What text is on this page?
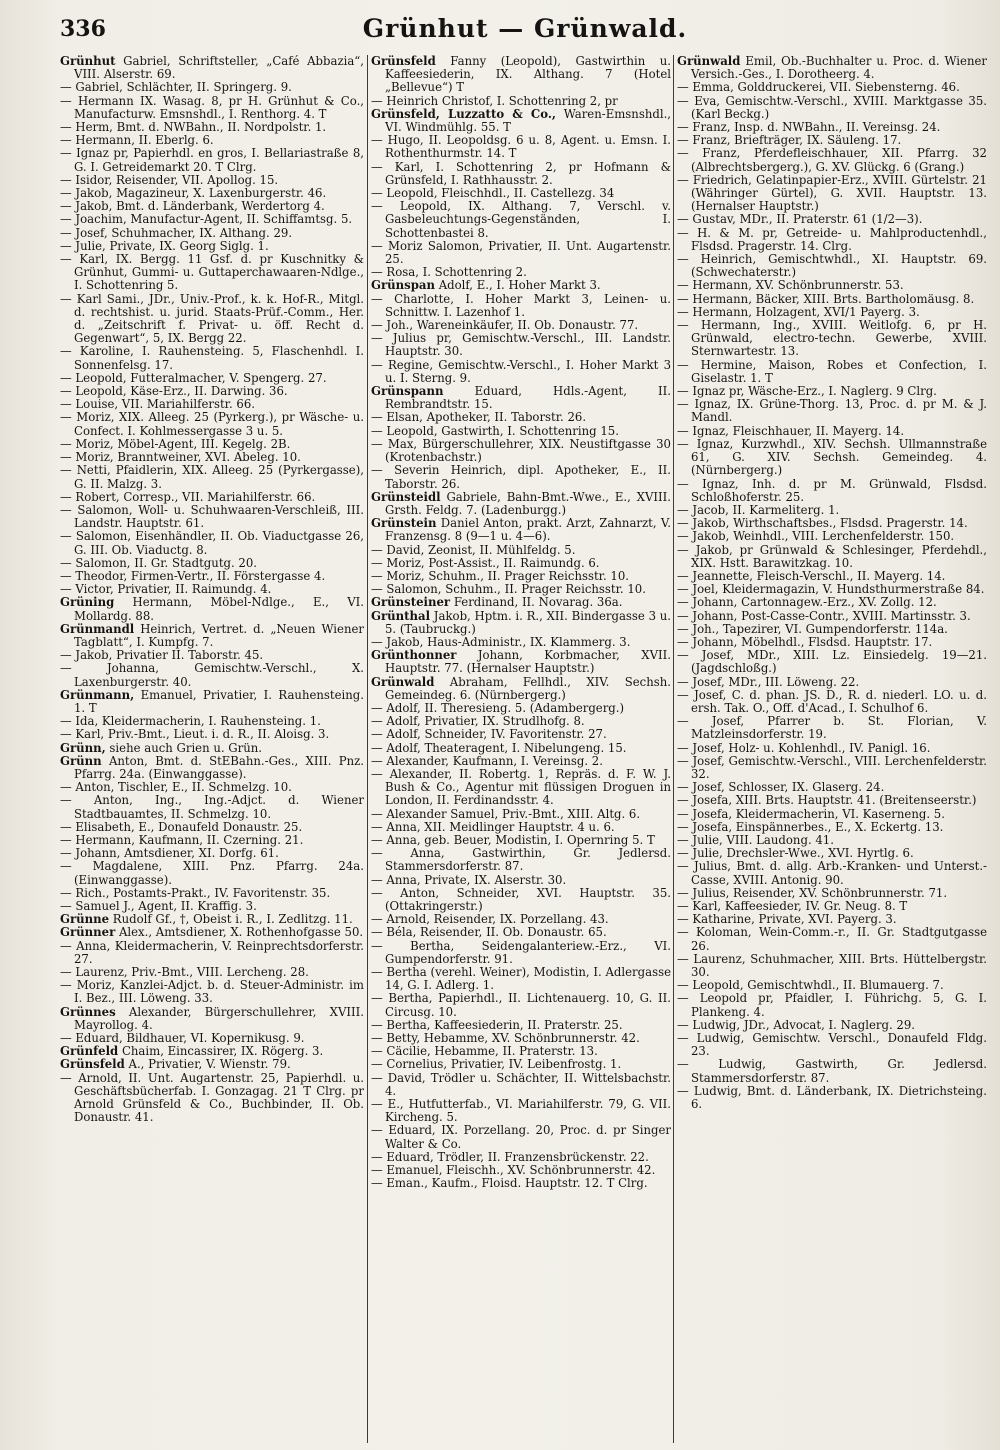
336	Grünhut — Grünwald.

Grünhut Gabriel, Schriftsteller, „Café Abbazia“, VIII. Alserstr. 69.

— Gabriel, Schlächter, II. Springerg. 9.

— Hermann IX. Wasag. 8, pr H. Grünhut & Co., Manufacturw. Emsnshdl., I. Renthorg. 4. T

— Herm, Bmt. d. NWBahn., II. Nordpolstr. 1.

— Hermann, II. Eberlg. 6.

— Ignaz pr, Papierhdl. en gros, I. Bellariastraße 8, G. I. Getreidemarkt 20. T Clrg.

— Isidor, Reisender, VII. Apollog. 15.

— Jakob, Magazineur, X. Laxenburgerstr. 46.

— Jakob, Bmt. d. Länderbank, Werdertorg 4.

— Joachim, Manufactur-Agent, II. Schiffamtsg. 5.

— Josef, Schuhmacher, IX. Althang. 29.

— Julie, Private, IX. Georg Siglg. 1.

— Karl, IX. Bergg. 11 Gsf. d. pr Kuschnitky & Grünhut, Gummi- u. Guttaperchawaaren-Ndlge., I. Schottenring 5.

— Karl Sami., JDr., Univ.-Prof., k. k. Hof-R., Mitgl. d. rechtshist. u. jurid. Staats-Prüf.-Comm., Her. d. „Zeitschrift f. Privat- u. öff. Recht d. Gegenwart“, 5, IX. Bergg 22.

— Karoline, I. Rauhensteing. 5, Flaschenhdl. I. Sonnenfelsg. 17.

— Leopold, Futteralmacher, V. Spengerg. 27.

— Leopold, Käse-Erz., II. Darwing. 36.

— Louise, VII. Mariahilferstr. 66.

— Moriz, XIX. Alleeg. 25 (Pyrkerg.), pr Wäsche- u. Confect. I. Kohlmessergasse 3 u. 5.

— Moriz, Möbel-Agent, III. Kegelg. 2B.

— Moriz, Branntweiner, XVI. Abeleg. 10.

— Netti, Pfaidlerin, XIX. Alleeg. 25 (Pyrkergasse), G. II. Malzg. 3.

— Robert, Corresp., VII. Mariahilferstr. 66.

— Salomon, Woll- u. Schuhwaaren-Verschleiß, III. Landstr. Hauptstr. 61.

— Salomon, Eisenhändler, II. Ob. Viaductgasse 26, G. III. Ob. Viaductg. 8.

— Salomon, II. Gr. Stadtgutg. 20.

— Theodor, Firmen-Vertr., II. Förstergasse 4.

— Victor, Privatier, II. Raimundg. 4.

Grüning Hermann, Möbel-Ndlge., E., VI. Mollardg. 88.

Grünmandl Heinrich, Vertret. d. „Neuen Wiener Tagblatt“, I. Kumpfg. 7.

— Jakob, Privatier II. Taborstr. 45.

— Johanna, Gemischtw.-Verschl., X. Laxenburgerstr. 40.

Grünmann, Emanuel, Privatier, I. Rauhensteing. 1. T

— Ida, Kleidermacherin, I. Rauhensteing. 1.

— Karl, Priv.-Bmt., Lieut. i. d. R., II. Aloisg. 3.

Grünn, siehe auch Grien u. Grün.

Grünn Anton, Bmt. d. StEBahn.-Ges., XIII. Pnz. Pfarrg. 24a. (Einwanggasse).

— Anton, Tischler, E., II. Schmelzg. 10.

— Anton, Ing., Ing.-Adjct. d. Wiener Stadtbauamtes, II. Schmelzg. 10.

— Elisabeth, E., Donaufeld Donaustr. 25.

— Hermann, Kaufmann, II. Czerning. 21.

— Johann, Amtsdiener, XI. Dorfg. 61.

— Magdalene, XIII. Pnz. Pfarrg. 24a. (Einwanggasse).

— Rich., Postamts-Prakt., IV. Favoritenstr. 35.

— Samuel J., Agent, II. Kraffig. 3.

Grünne Rudolf Gf., †, Obeist i. R., I. Zedlitzg. 11.

Grünner Alex., Amtsdiener, X. Rothenhofgasse 50.

— Anna, Kleidermacherin, V. Reinprechtsdorferstr. 27.

— Laurenz, Priv.-Bmt., VIII. Lercheng. 28.

— Moriz, Kanzlei-Adjct. b. d. Steuer-Administr. im I. Bez., III. Löweng. 33.

Grünnes Alexander, Bürgerschullehrer, XVIII. Mayrollog. 4.

— Eduard, Bildhauer, VI. Kopernikusg. 9.

Grünfeld Chaim, Eincassirer, IX. Rögerg. 3.

Grünsfeld A., Privatier, V. Wienstr. 79.

— Arnold, II. Unt. Augartenstr. 25, Papierhdl. u. Geschäftsbücherfab. I. Gonzagag. 21 T Clrg. pr Arnold Grünsfeld & Co., Buchbinder, II. Ob. Donaustr. 41.

Grünsfeld Fanny (Leopold), Gastwirthin u. Kaffeesiederin, IX. Althang. 7 (Hotel „Bellevue“) T

— Heinrich Christof, I. Schottenring 2, pr

Grünsfeld, Luzzatto & Co., Waren-Emsnshdl., VI. Windmühlg. 55. T

— Hugo, II. Leopoldsg. 6 u. 8, Agent. u. Emsn. I. Rothenthurmstr. 14. T

— Karl, I. Schottenring 2, pr Hofmann & Grünsfeld, I. Rathhausstr. 2.

— Leopold, Fleischhdl., II. Castellezg. 34

— Leopold, IX. Althang. 7, Verschl. v. Gasbeleuchtungs-Gegenständen, I. Schottenbastei 8.

— Moriz Salomon, Privatier, II. Unt. Augartenstr. 25.

— Rosa, I. Schottenring 2.

Grünspan Adolf, E., I. Hoher Markt 3.

— Charlotte, I. Hoher Markt 3, Leinen- u. Schnittw. I. Lazenhof 1.

— Joh., Wareneinkäufer, II. Ob. Donaustr. 77.

— Julius pr, Gemischtw.-Verschl., III. Landstr. Hauptstr. 30.

— Regine, Gemischtw.-Verschl., I. Hoher Markt 3 u. I. Sterng. 9.

Grünspann	Eduard, Hdls.-Agent, II. Rembrandtstr. 15.

— Elsan, Apotheker, II. Taborstr. 26.

— Leopold, Gastwirth, I. Schottenring 15.

— Max, Bürgerschullehrer, XIX. Neustiftgasse 30 (Krotenbachstr.)

— Severin Heinrich, dipl. Apotheker, E., II. Taborstr. 26.

Grünsteidl Gabriele, Bahn-Bmt.-Wwe., E., XVIII. Grsth. Feldg. 7. (Ladenburgg.)

Grünstein Daniel Anton, prakt. Arzt, Zahnarzt, V. Franzensg. 8 (9—1 u. 4—6).

— David, Zeonist, II. Mühlfeldg. 5.

— Moriz, Post-Assist., II. Raimundg. 6.

— Moriz, Schuhm., II. Prager Reichsstr. 10.

— Salomon, Schuhm., II. Prager Reichsstr. 10.

Grünsteiner Ferdinand, II. Novarag. 36a.

Grünthal Jakob, Hptm. i. R., XII. Bindergasse 3 u. 5. (Taubruckg.)

— Jakob, Haus-Administr., IX. Klammerg. 3.

Grünthonner Johann, Korbmacher, XVII. Hauptstr. 77. (Hernalser Hauptstr.)

Grünwald Abraham, Fellhdl., XIV. Sechsh. Gemeindeg. 6. (Nürnbergerg.)

— Adolf, II. Theresieng. 5. (Adambergerg.)

— Adolf, Privatier, IX. Strudlhofg. 8.

— Adolf, Schneider, IV. Favoritenstr. 27.

— Adolf, Theateragent, I. Nibelungeng. 15.

— Alexander, Kaufmann, I. Vereinsg. 2.

— Alexander, II. Robertg. 1, Repräs. d. F. W. J. Bush & Co., Agentur mit flüssigen Droguen in London, II. Ferdinandsstr. 4.

— Alexander Samuel, Priv.-Bmt., XIII. Altg. 6.

— Anna, XII. Meidlinger Hauptstr. 4 u. 6.

— Anna, geb. Beuer, Modistin, I. Opernring 5. T

— Anna, Gastwirthin, Gr. Jedlersd. Stammersdorferstr. 87.

— Anna, Private, IX. Alserstr. 30.

— Anton, Schneider, XVI. Hauptstr. 35. (Ottakringerstr.)

— Arnold, Reisender, IX. Porzellang. 43.

— Béla, Reisender, II. Ob. Donaustr. 65.

— Bertha, Seidengalanteriew.-Erz., VI. Gumpendorferstr. 91.

— Bertha (verehl. Weiner), Modistin, I. Adlergasse 14, G. I. Adlerg. 1.

— Bertha, Papierhdl., II. Lichtenauerg. 10, G. II. Circusg. 10.

— Bertha, Kaffeesiederin, II. Praterstr. 25.

— Betty, Hebamme, XV. Schönbrunnerstr. 42.

— Cäcilie, Hebamme, II. Praterstr. 13.

— Cornelius, Privatier, IV. Leibenfrostg. 1.

— David, Trödler u. Schächter, II. Wittelsbachstr. 4.

— E., Hutfutterfab., VI. Mariahilferstr. 79, G. VII. Kircheng. 5.

— Eduard, IX. Porzellang. 20, Proc. d. pr Singer Walter & Co.

— Eduard, Trödler, II. Franzensbrückenstr. 22.

— Emanuel, Fleischh., XV. Schönbrunnerstr. 42.

— Eman., Kaufm., Floisd. Hauptstr. 12. T Clrg.

Grünwald Emil, Ob.-Buchhalter u. Proc. d. Wiener Versich.-Ges., I. Dorotheerg. 4.

— Emma, Golddruckerei, VII. Siebensterng. 46.

— Eva, Gemischtw.-Verschl., XVIII. Marktgasse 35. (Karl Beckg.)

— Franz, Insp. d. NWBahn., II. Vereinsg. 24.

— Franz, Briefträger, IX. Säuleng. 17.

— Franz, Pferdefleischhauer, XII. Pfarrg. 32 (Albrechtsbergerg.), G. XV. Glückg. 6 (Grang.)

— Friedrich, Gelatinpapier-Erz., XVIII. Gürtelstr. 21 (Währinger Gürtel), G. XVII. Hauptstr. 13. (Hernalser Hauptstr.)

— Gustav, MDr., II. Praterstr. 61 (1/2—3).

— H. & M. pr, Getreide- u. Mahlproductenhdl., Flsdsd. Pragerstr. 14. Clrg.

— Heinrich, Gemischtwhdl., XI. Hauptstr. 69. (Schwechaterstr.)

— Hermann, XV. Schönbrunnerstr. 53.

— Hermann, Bäcker, XIII. Brts. Bartholomäusg. 8.

— Hermann, Holzagent, XVI/1 Payerg. 3.

— Hermann, Ing., XVIII. Weitlofg. 6, pr H. Grünwald, electro-techn. Gewerbe, XVIII. Sternwartestr. 13.

— Hermine, Maison, Robes et Confection, I. Giselastr. 1. T

— Ignaz pr, Wäsche-Erz., I. Naglerg. 9 Clrg.

— Ignaz, IX. Grüne-Thorg. 13, Proc. d. pr M. & J. Mandl.

— Ignaz, Fleischhauer, II. Mayerg. 14.

— Ignaz, Kurzwhdl., XIV. Sechsh. Ullmannstraße 61, G. XIV. Sechsh. Gemeindeg. 4. (Nürnbergerg.)

— Ignaz, Inh. d. pr M. Grünwald, Flsdsd. Schloßhoferstr. 25.

— Jacob, II. Karmeliterg. 1.

— Jakob, Wirthschaftsbes., Flsdsd. Pragerstr. 14.

— Jakob, Weinhdl., VIII. Lerchenfelderstr. 150.

— Jakob, pr Grünwald & Schlesinger, Pferdehdl., XIX. Hstt. Barawitzkag. 10.

— Jeannette, Fleisch-Verschl., II. Mayerg. 14.

— Joel, Kleidermagazin, V. Hundsthurmerstraße 84.

— Johann, Cartonnagew.-Erz., XV. Zollg. 12.

— Johann, Post-Casse-Contr., XVIII. Martinsstr. 3.

— Joh., Tapezirer, VI. Gumpendorferstr. 114a.

— Johann, Möbelhdl., Flsdsd. Hauptstr. 17.

— Josef, MDr., XIII. Lz. Einsiedelg. 19—21. (Jagdschloßg.)

— Josef, MDr., III. Löweng. 22.

— Josef, C. d. phan. JS. D., R. d. niederl. LO. u. d. ersh. Tak. O., Off. d'Acad., I. Schulhof 6.

— Josef, Pfarrer b. St. Florian, V. Matzleinsdorferstr. 19.

— Josef, Holz- u. Kohlenhdl., IV. Panigl. 16.

— Josef, Gemischtw.-Verschl., VIII. Lerchenfelderstr. 32.

— Josef, Schlosser, IX. Glaserg. 24.

— Josefa, XIII. Brts. Hauptstr. 41. (Breitenseerstr.)

— Josefa, Kleidermacherin, VI. Kaserneng. 5.

— Josefa, Einspännerbes., E., X. Eckertg. 13.

— Julie, VIII. Laudong. 41.

— Julie, Drechsler-Wwe., XVI. Hyrtlg. 6.

— Julius, Bmt. d. allg. Arb.-Kranken- und Unterst.-Casse, XVIII. Antonig. 90.

— Julius, Reisender, XV. Schönbrunnerstr. 71.

— Karl, Kaffeesieder, IV. Gr. Neug. 8. T

— Katharine, Private, XVI. Payerg. 3.

— Koloman, Wein-Comm.-r., II. Gr. Stadtgutgasse 26.

— Laurenz, Schuhmacher, XIII. Brts. Hüttelbergstr. 30.

— Leopold, Gemischtwhdl., II. Blumauerg. 7.

— Leopold pr, Pfaidler, I. Führichg. 5, G. I. Plankeng. 4.

— Ludwig, JDr., Advocat, I. Naglerg. 29.

— Ludwig, Gemischtw. Verschl., Donaufeld Fldg. 23.

— Ludwig, Gastwirth, Gr. Jedlersd. Stammersdorferstr. 87.

— Ludwig, Bmt. d. Länderbank, IX. Dietrichsteing. 6.
